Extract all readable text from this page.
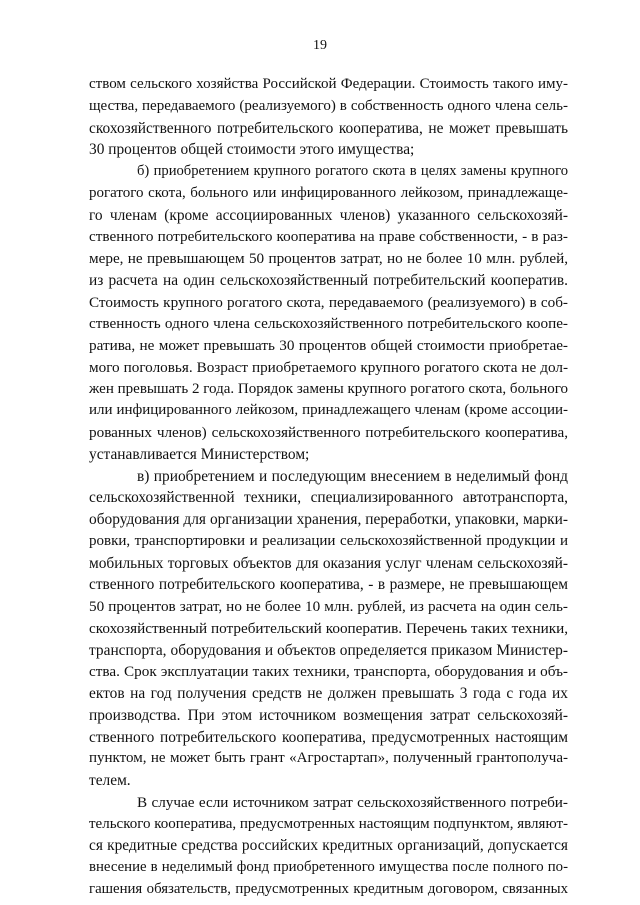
19
ством сельского хозяйства Российской Федерации. Стоимость такого иму-
щества, передаваемого (реализуемого) в собственность одного члена сель-
скохозяйственного потребительского кооператива, не может превышать
30 процентов общей стоимости этого имущества;
б) приобретением крупного рогатого скота в целях замены крупного
рогатого скота, больного или инфицированного лейкозом, принадлежаще-
го членам (кроме ассоциированных членов) указанного сельскохозяй-
ственного потребительского кооператива на праве собственности, - в раз-
мере, не превышающем 50 процентов затрат, но не более 10 млн. рублей,
из расчета на один сельскохозяйственный потребительский кооператив.
Стоимость крупного рогатого скота, передаваемого (реализуемого) в соб-
ственность одного члена сельскохозяйственного потребительского коопе-
ратива, не может превышать 30 процентов общей стоимости приобретае-
мого поголовья. Возраст приобретаемого крупного рогатого скота не дол-
жен превышать 2 года. Порядок замены крупного рогатого скота, больного
или инфицированного лейкозом, принадлежащего членам (кроме ассоции-
рованных членов) сельскохозяйственного потребительского кооператива,
устанавливается Министерством;
в) приобретением и последующим внесением в неделимый фонд
сельскохозяйственной техники, специализированного автотранспорта,
оборудования для организации хранения, переработки, упаковки, марки-
ровки, транспортировки и реализации сельскохозяйственной продукции и
мобильных торговых объектов для оказания услуг членам сельскохозяй-
ственного потребительского кооператива, - в размере, не превышающем
50 процентов затрат, но не более 10 млн. рублей, из расчета на один сель-
скохозяйственный потребительский кооператив. Перечень таких техники,
транспорта, оборудования и объектов определяется приказом Министер-
ства. Срок эксплуатации таких техники, транспорта, оборудования и объ-
ектов на год получения средств не должен превышать 3 года с года их
производства. При этом источником возмещения затрат сельскохозяй-
ственного потребительского кооператива, предусмотренных настоящим
пунктом, не может быть грант «Агростартап», полученный грантополуча-
телем.
В случае если источником затрат сельскохозяйственного потреби-
тельского кооператива, предусмотренных настоящим подпунктом, являют-
ся кредитные средства российских кредитных организаций, допускается
внесение в неделимый фонд приобретенного имущества после полного по-
гашения обязательств, предусмотренных кредитным договором, связанных
